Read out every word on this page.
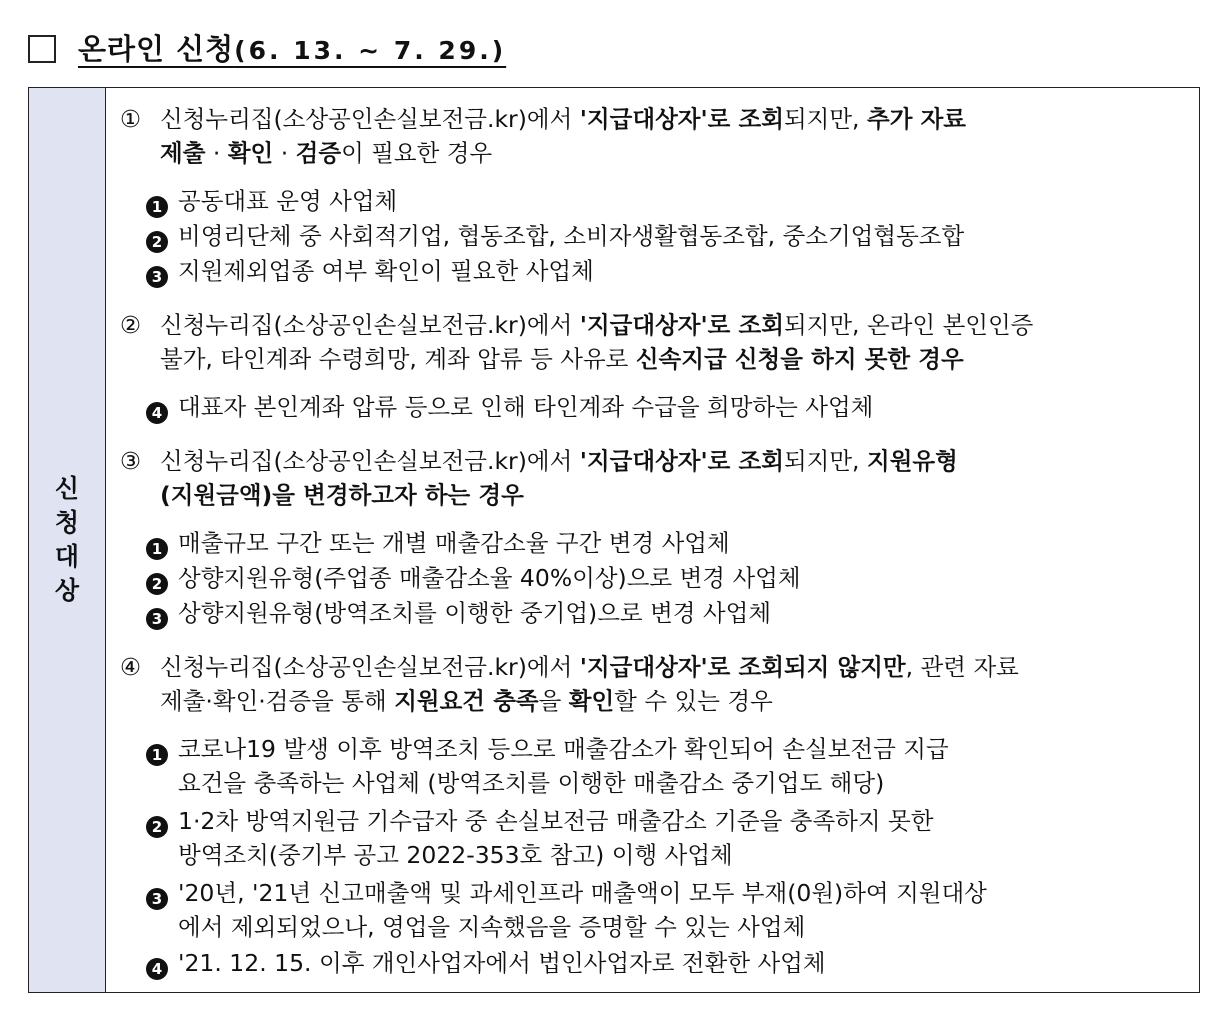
온라인 신청(6. 13. ~ 7. 29.)
신청대상
① 신청누리집(소상공인손실보전금.kr)에서 '지급대상자'로 조회되지만, 추가 자료
제출 · 확인 · 검증이 필요한 경우
1 공동대표 운영 사업체
2 비영리단체 중 사회적기업, 협동조합, 소비자생활협동조합, 중소기업협동조합
3 지원제외업종 여부 확인이 필요한 사업체
② 신청누리집(소상공인손실보전금.kr)에서 '지급대상자'로 조회되지만, 온라인 본인인증
불가, 타인계좌 수령희망, 계좌 압류 등 사유로 신속지급 신청을 하지 못한 경우
4 대표자 본인계좌 압류 등으로 인해 타인계좌 수급을 희망하는 사업체
③ 신청누리집(소상공인손실보전금.kr)에서 '지급대상자'로 조회되지만, 지원유형
(지원금액)을 변경하고자 하는 경우
1 매출규모 구간 또는 개별 매출감소율 구간 변경 사업체
2 상향지원유형(주업종 매출감소율 40%이상)으로 변경 사업체
3 상향지원유형(방역조치를 이행한 중기업)으로 변경 사업체
④ 신청누리집(소상공인손실보전금.kr)에서 '지급대상자'로 조회되지 않지만, 관련 자료
제출·확인·검증을 통해 지원요건 충족을 확인할 수 있는 경우
1 코로나19 발생 이후 방역조치 등으로 매출감소가 확인되어 손실보전금 지급
요건을 충족하는 사업체 (방역조치를 이행한 매출감소 중기업도 해당)
2 1·2차 방역지원금 기수급자 중 손실보전금 매출감소 기준을 충족하지 못한
방역조치(중기부 공고 2022-353호 참고) 이행 사업체
3 '20년, '21년 신고매출액 및 과세인프라 매출액이 모두 부재(0원)하여 지원대상
에서 제외되었으나, 영업을 지속했음을 증명할 수 있는 사업체
4 '21. 12. 15. 이후 개인사업자에서 법인사업자로 전환한 사업체
